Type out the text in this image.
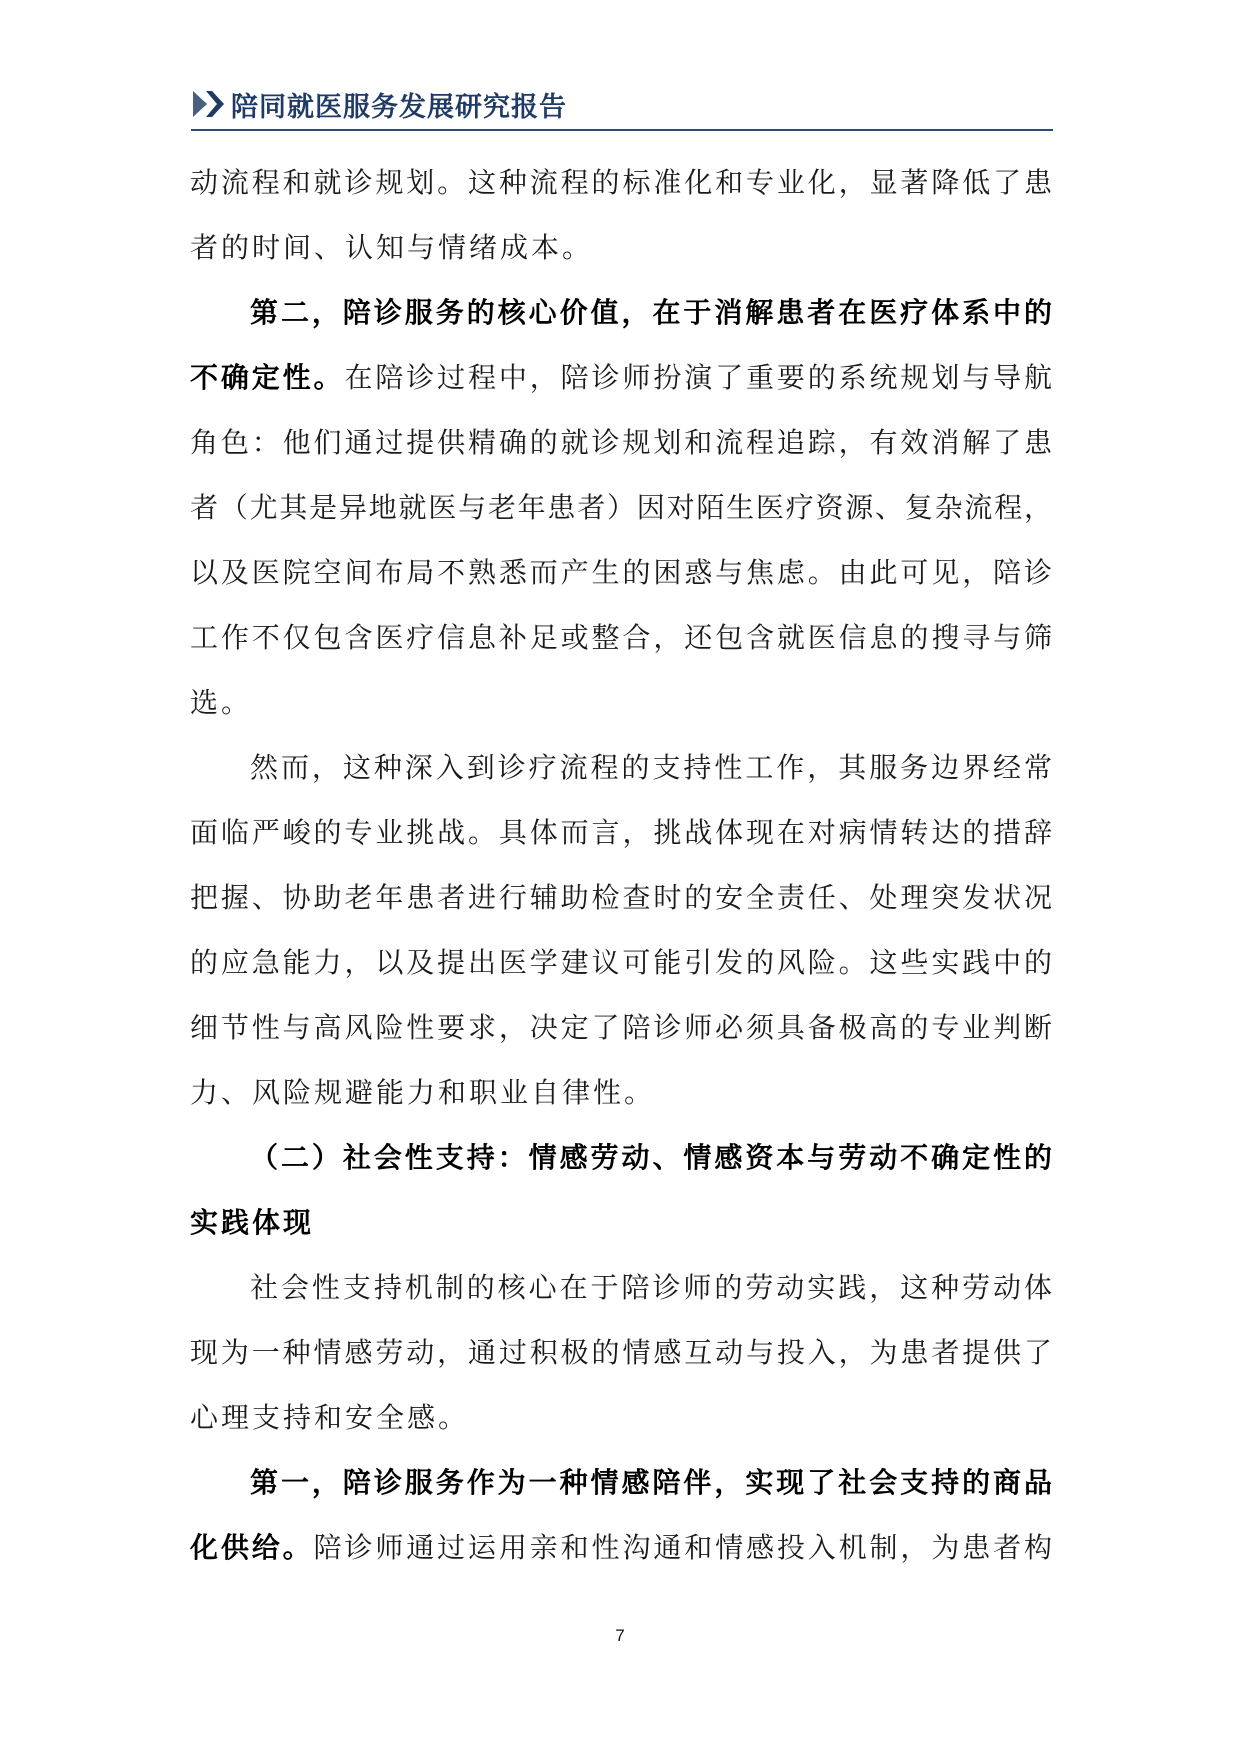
陪同就医服务发展研究报告
动流程和就诊规划。这种流程的标准化和专业化，显著降低了患
者的时间、认知与情绪成本。
第二，陪诊服务的核心价值，在于消解患者在医疗体系中的
不确定性。在陪诊过程中，陪诊师扮演了重要的系统规划与导航
角色：他们通过提供精确的就诊规划和流程追踪，有效消解了患
者（尤其是异地就医与老年患者）因对陌生医疗资源、复杂流程，
以及医院空间布局不熟悉而产生的困惑与焦虑。由此可见，陪诊
工作不仅包含医疗信息补足或整合，还包含就医信息的搜寻与筛
选。
然而，这种深入到诊疗流程的支持性工作，其服务边界经常
面临严峻的专业挑战。具体而言，挑战体现在对病情转达的措辞
把握、协助老年患者进行辅助检查时的安全责任、处理突发状况
的应急能力，以及提出医学建议可能引发的风险。这些实践中的
细节性与高风险性要求，决定了陪诊师必须具备极高的专业判断
力、风险规避能力和职业自律性。
（二）社会性支持：情感劳动、情感资本与劳动不确定性的
实践体现
社会性支持机制的核心在于陪诊师的劳动实践，这种劳动体
现为一种情感劳动，通过积极的情感互动与投入，为患者提供了
心理支持和安全感。
第一，陪诊服务作为一种情感陪伴，实现了社会支持的商品
化供给。陪诊师通过运用亲和性沟通和情感投入机制，为患者构
7
